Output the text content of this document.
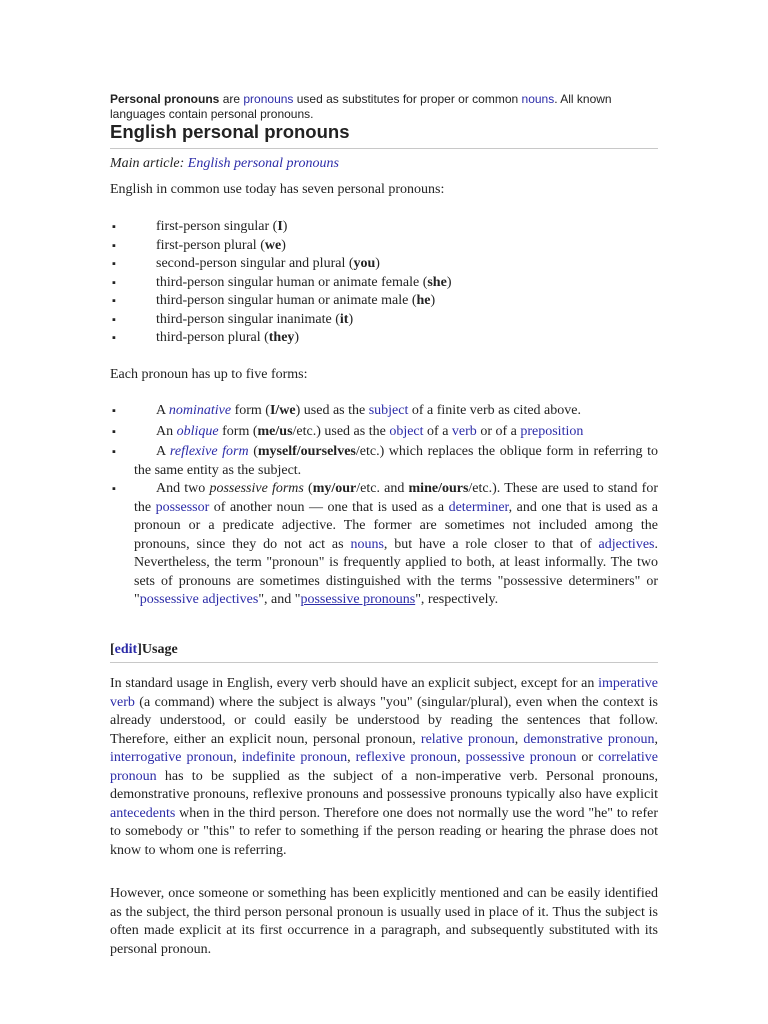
Personal pronouns are pronouns used as substitutes for proper or common nouns. All known languages contain personal pronouns.
English personal pronouns
Main article: English personal pronouns
English in common use today has seven personal pronouns:
▪ first-person singular (I)
▪ first-person plural (we)
▪ second-person singular and plural (you)
▪ third-person singular human or animate female (she)
▪ third-person singular human or animate male (he)
▪ third-person singular inanimate (it)
▪ third-person plural (they)
Each pronoun has up to five forms:
▪ A nominative form (I/we) used as the subject of a finite verb as cited above.
▪ An oblique form (me/us/etc.) used as the object of a verb or of a preposition
▪ A reflexive form (myself/ourselves/etc.) which replaces the oblique form in referring to the same entity as the subject.
▪ And two possessive forms (my/our/etc. and mine/ours/etc.). These are used to stand for the possessor of another noun — one that is used as a determiner, and one that is used as a pronoun or a predicate adjective. The former are sometimes not included among the pronouns, since they do not act as nouns, but have a role closer to that of adjectives. Nevertheless, the term "pronoun" is frequently applied to both, at least informally. The two sets of pronouns are sometimes distinguished with the terms "possessive determiners" or "possessive adjectives", and "possessive pronouns", respectively.
[edit]Usage
In standard usage in English, every verb should have an explicit subject, except for an imperative verb (a command) where the subject is always "you" (singular/plural), even when the context is already understood, or could easily be understood by reading the sentences that follow. Therefore, either an explicit noun, personal pronoun, relative pronoun, demonstrative pronoun, interrogative pronoun, indefinite pronoun, reflexive pronoun, possessive pronoun or correlative pronoun has to be supplied as the subject of a non-imperative verb. Personal pronouns, demonstrative pronouns, reflexive pronouns and possessive pronouns typically also have explicit antecedents when in the third person. Therefore one does not normally use the word "he" to refer to somebody or "this" to refer to something if the person reading or hearing the phrase does not know to whom one is referring.
However, once someone or something has been explicitly mentioned and can be easily identified as the subject, the third person personal pronoun is usually used in place of it. Thus the subject is often made explicit at its first occurrence in a paragraph, and subsequently substituted with its personal pronoun.
